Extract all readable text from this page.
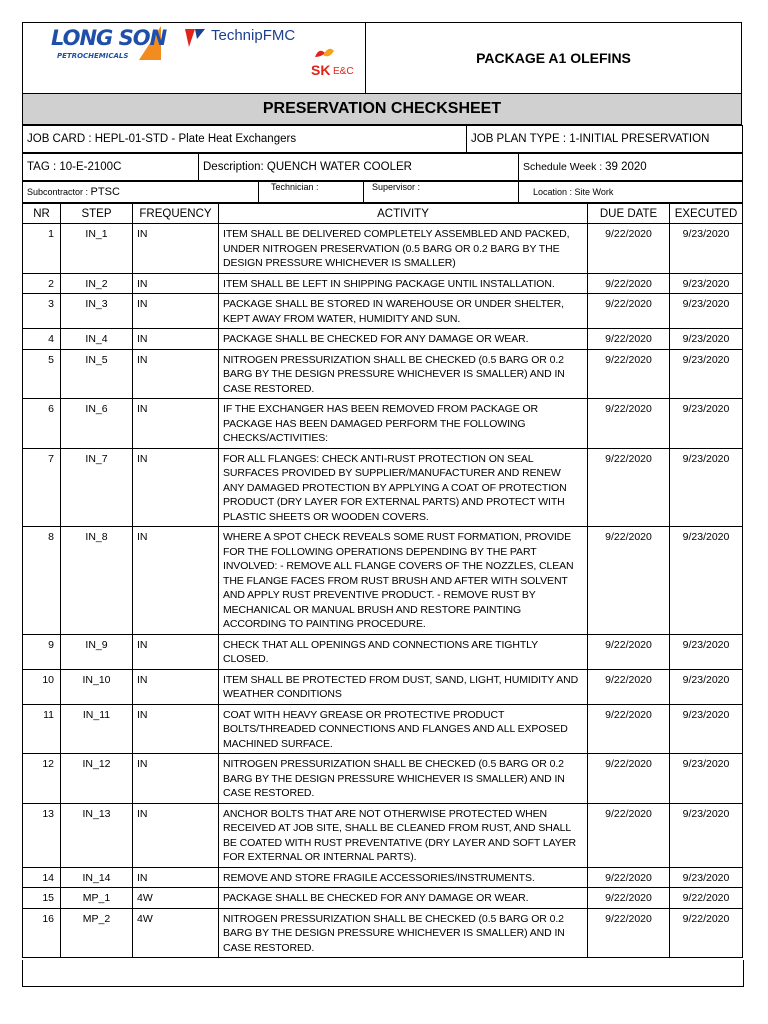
LONG SON
PETROCHEMICALS
TechnipFMC
SK E&C
PACKAGE A1 OLEFINS
PRESERVATION CHECKSHEET
JOB CARD : HEPL-01-STD - Plate Heat Exchangers	JOB PLAN TYPE : 1-INITIAL PRESERVATION
TAG : 10-E-2100C	Description: QUENCH WATER COOLER	Schedule Week : 39 2020
Subcontractor : PTSC	Technician :	Supervisor :	Location : Site Work
NR	STEP	FREQUENCY	ACTIVITY	DUE DATE	EXECUTED
1	IN_1	IN	ITEM SHALL BE DELIVERED COMPLETELY ASSEMBLED AND PACKED, UNDER NITROGEN PRESERVATION (0.5 BARG OR 0.2 BARG BY THE DESIGN PRESSURE WHICHEVER IS SMALLER)	9/22/2020	9/23/2020
2	IN_2	IN	ITEM SHALL BE LEFT IN SHIPPING PACKAGE UNTIL INSTALLATION.	9/22/2020	9/23/2020
3	IN_3	IN	PACKAGE SHALL BE STORED IN WAREHOUSE OR UNDER SHELTER, KEPT AWAY FROM WATER, HUMIDITY AND SUN.	9/22/2020	9/23/2020
4	IN_4	IN	PACKAGE SHALL BE CHECKED FOR ANY DAMAGE OR WEAR.	9/22/2020	9/23/2020
5	IN_5	IN	NITROGEN PRESSURIZATION SHALL BE CHECKED (0.5 BARG OR 0.2 BARG BY THE DESIGN PRESSURE WHICHEVER IS SMALLER) AND IN CASE RESTORED.	9/22/2020	9/23/2020
6	IN_6	IN	IF THE EXCHANGER HAS BEEN REMOVED FROM PACKAGE OR PACKAGE HAS BEEN DAMAGED PERFORM THE FOLLOWING CHECKS/ACTIVITIES:	9/22/2020	9/23/2020
7	IN_7	IN	FOR ALL FLANGES: CHECK ANTI-RUST PROTECTION ON SEAL SURFACES PROVIDED BY SUPPLIER/MANUFACTURER AND RENEW ANY DAMAGED PROTECTION BY APPLYING A COAT OF PROTECTION PRODUCT (DRY LAYER FOR EXTERNAL PARTS) AND PROTECT WITH PLASTIC SHEETS OR WOODEN COVERS.	9/22/2020	9/23/2020
8	IN_8	IN	WHERE A SPOT CHECK REVEALS SOME RUST FORMATION, PROVIDE FOR THE FOLLOWING OPERATIONS DEPENDING BY THE PART INVOLVED: - REMOVE ALL FLANGE COVERS OF THE NOZZLES, CLEAN THE FLANGE FACES FROM RUST BRUSH AND AFTER WITH SOLVENT AND APPLY RUST PREVENTIVE PRODUCT. - REMOVE RUST BY MECHANICAL OR MANUAL BRUSH AND RESTORE PAINTING ACCORDING TO PAINTING PROCEDURE.	9/22/2020	9/23/2020
9	IN_9	IN	CHECK THAT ALL OPENINGS AND CONNECTIONS ARE TIGHTLY CLOSED.	9/22/2020	9/23/2020
10	IN_10	IN	ITEM SHALL BE PROTECTED FROM DUST, SAND, LIGHT, HUMIDITY AND WEATHER CONDITIONS	9/22/2020	9/23/2020
11	IN_11	IN	COAT WITH HEAVY GREASE OR PROTECTIVE PRODUCT BOLTS/THREADED CONNECTIONS AND FLANGES AND ALL EXPOSED MACHINED SURFACE.	9/22/2020	9/23/2020
12	IN_12	IN	NITROGEN PRESSURIZATION SHALL BE CHECKED (0.5 BARG OR 0.2 BARG BY THE DESIGN PRESSURE WHICHEVER IS SMALLER) AND IN CASE RESTORED.	9/22/2020	9/23/2020
13	IN_13	IN	ANCHOR BOLTS THAT ARE NOT OTHERWISE PROTECTED WHEN RECEIVED AT JOB SITE, SHALL BE CLEANED FROM RUST, AND SHALL BE COATED WITH RUST PREVENTATIVE (DRY LAYER AND SOFT LAYER FOR EXTERNAL OR INTERNAL PARTS).	9/22/2020	9/23/2020
14	IN_14	IN	REMOVE AND STORE FRAGILE ACCESSORIES/INSTRUMENTS.	9/22/2020	9/23/2020
15	MP_1	4W	PACKAGE SHALL BE CHECKED FOR ANY DAMAGE OR WEAR.	9/22/2020	9/22/2020
16	MP_2	4W	NITROGEN PRESSURIZATION SHALL BE CHECKED (0.5 BARG OR 0.2 BARG BY THE DESIGN PRESSURE WHICHEVER IS SMALLER) AND IN CASE RESTORED.	9/22/2020	9/22/2020
